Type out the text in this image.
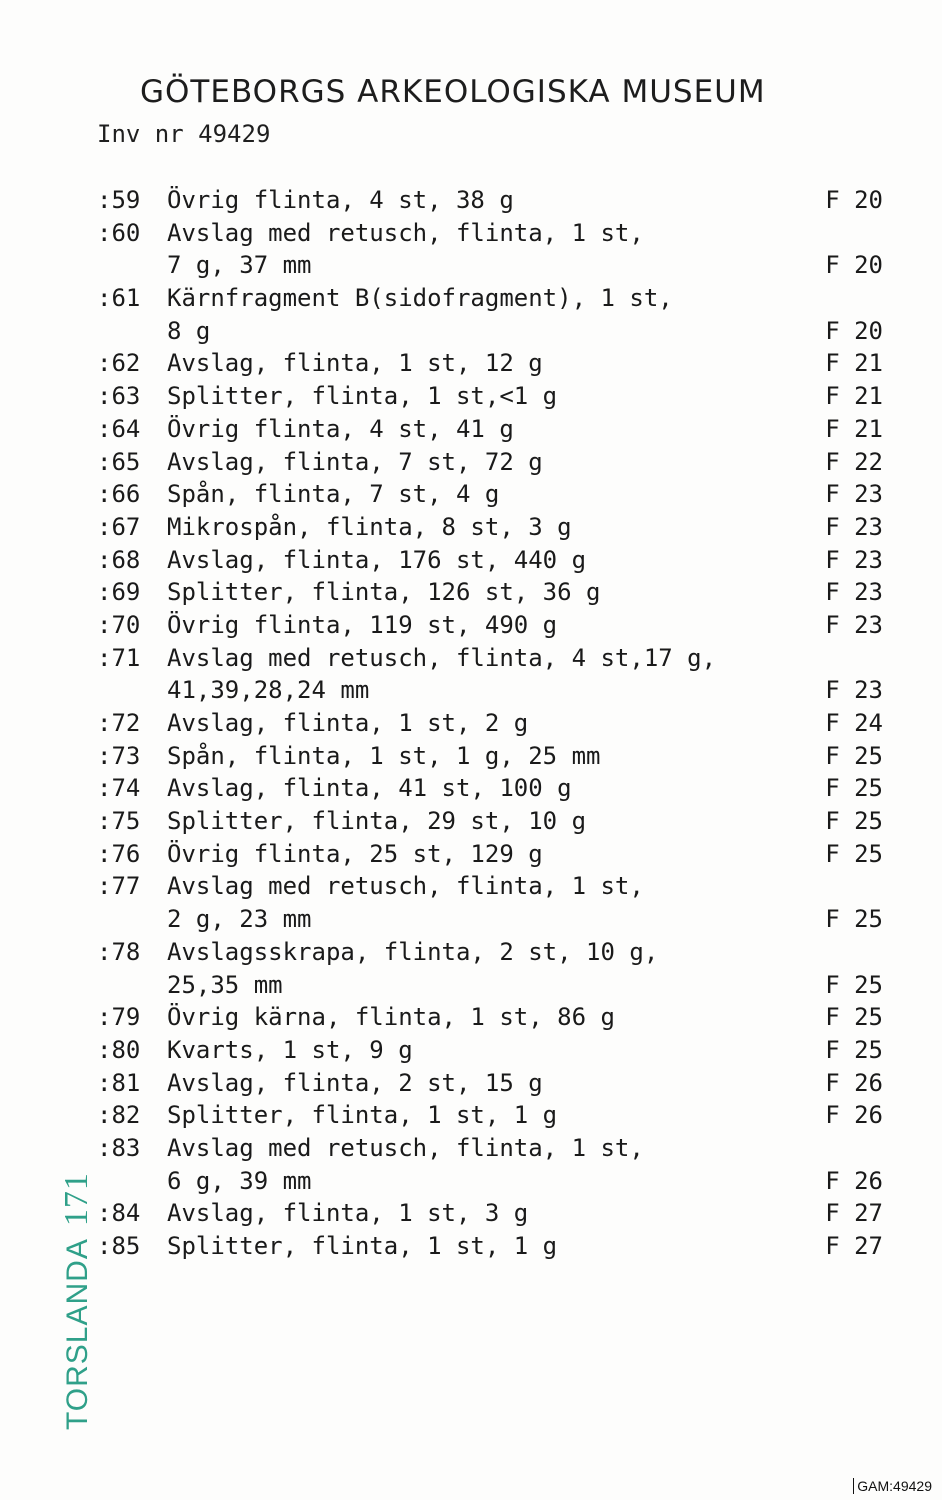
GÖTEBORGS ARKEOLOGISKA MUSEUM
Inv nr 49429
:59 Övrig flinta, 4 st, 38 g	F 20
:60 Avslag med retusch, flinta, 1 st,
7 g, 37 mm	F 20
:61 Kärnfragment B(sidofragment), 1 st,
8 g	F 20
:62 Avslag, flinta, 1 st, 12 g	F 21
:63 Splitter, flinta, 1 st,<1 g	F 21
:64 Övrig flinta, 4 st, 41 g	F 21
:65 Avslag, flinta, 7 st, 72 g	F 22
:66 Spån, flinta, 7 st, 4 g	F 23
:67 Mikrospån, flinta, 8 st, 3 g	F 23
:68 Avslag, flinta, 176 st, 440 g	F 23
:69 Splitter, flinta, 126 st, 36 g	F 23
:70 Övrig flinta, 119 st, 490 g	F 23
:71 Avslag med retusch, flinta, 4 st,17 g,
41,39,28,24 mm	F 23
:72 Avslag, flinta, 1 st, 2 g	F 24
:73 Spån, flinta, 1 st, 1 g, 25 mm	F 25
:74 Avslag, flinta, 41 st, 100 g	F 25
:75 Splitter, flinta, 29 st, 10 g	F 25
:76 Övrig flinta, 25 st, 129 g	F 25
:77 Avslag med retusch, flinta, 1 st,
2 g, 23 mm	F 25
:78 Avslagsskrapa, flinta, 2 st, 10 g,
25,35 mm	F 25
:79 Övrig kärna, flinta, 1 st, 86 g	F 25
:80 Kvarts, 1 st, 9 g	F 25
:81 Avslag, flinta, 2 st, 15 g	F 26
:82 Splitter, flinta, 1 st, 1 g	F 26
:83 Avslag med retusch, flinta, 1 st,
6 g, 39 mm	F 26
:84 Avslag, flinta, 1 st, 3 g	F 27
:85 Splitter, flinta, 1 st, 1 g	F 27
TORSLANDA171
GAM:49429
